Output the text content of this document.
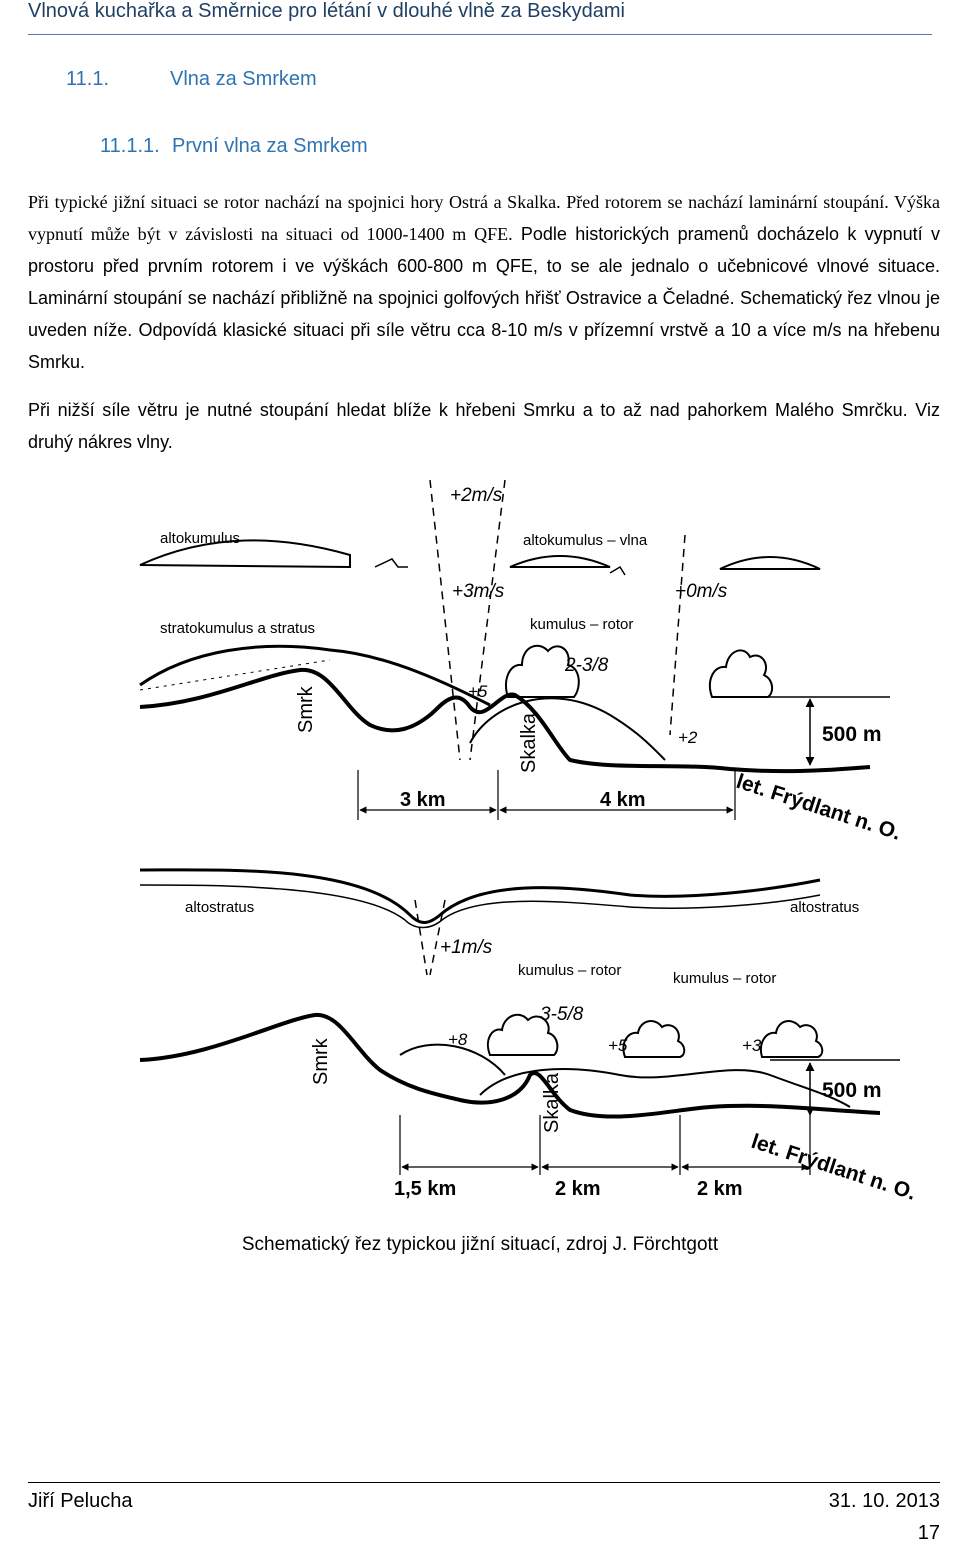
Vlnová kuchařka a Směrnice pro létání v dlouhé vlně za Beskydami
11.1.	Vlna za Smrkem
11.1.1. První vlna za Smrkem

Při typické jižní situaci se rotor nachází na spojnici hory Ostrá a Skalka. Před rotorem se nachází laminární stoupání. Výška vypnutí může být v závislosti na situaci od 1000-1400 m QFE. Podle historických pramenů docházelo k vypnutí v prostoru před prvním rotorem i ve výškách 600-800 m QFE, to se ale jednalo o učebnicové vlnové situace. Laminární stoupání se nachází přibližně na spojnici golfových hřišť Ostravice a Čeladné. Schematický řez vlnou je uveden níže. Odpovídá klasické situaci při síle větru cca 8-10 m/s v přízemní vrstvě a 10 a více m/s na hřebenu Smrku.

Při nižší síle větru je nutné stoupání hledat blíže k hřebeni Smrku a to až nad pahorkem Malého Smrčku. Viz druhý nákres vlny.

altokumulus	altokumulus – vlna
+2m/s
+3m/s	+0m/s
stratokumulus a stratus	kumulus – rotor
2-3/8
+5
+2	500 m
Smrk
Skalka
3 km	4 km	let. Frýdlant n. O.
altostratus	altostratus
+1m/s
kumulus – rotor	kumulus – rotor
3-5/8
+8	+5	+3
500 m
Smrk
Skalka
1,5 km	2 km	2 km let. Frýdlant n. O.
Schematický řez typickou jižní situací, zdroj J. Förchtgott
Jiří Pelucha	31. 10. 2013
17
